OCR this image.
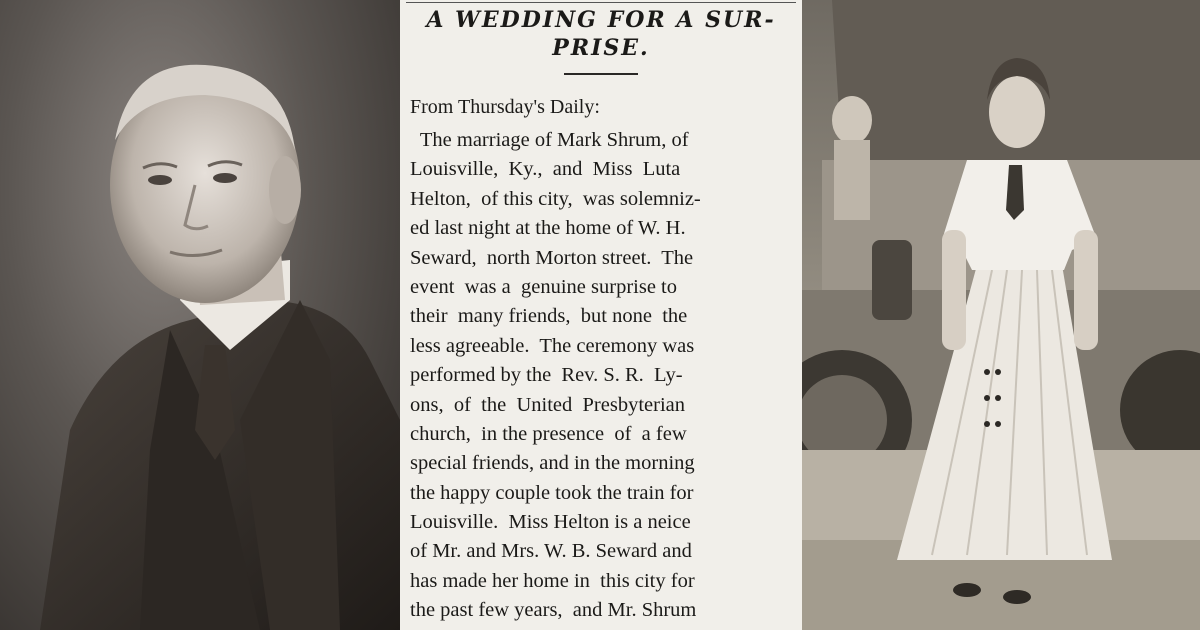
A WEDDING FOR A SUR-
PRISE.
From Thursday's Daily:
The marriage of Mark Shrum, of
Louisville,  Ky.,  and  Miss  Luta
Helton,  of this city,  was solemniz-
ed last night at the home of W. H.
Seward,  north Morton street.  The
event  was a  genuine surprise to
their  many friends,  but none  the
less agreeable.  The ceremony was
performed by the  Rev. S. R.  Ly-
ons,  of  the  United  Presbyterian
church,  in the presence  of  a few
special friends, and in the morning
the happy couple took the train for
Louisville.  Miss Helton is a neice
of Mr. and Mrs. W. B. Seward and
has made her home in  this city for
the past few years,  and Mr. Shrum
